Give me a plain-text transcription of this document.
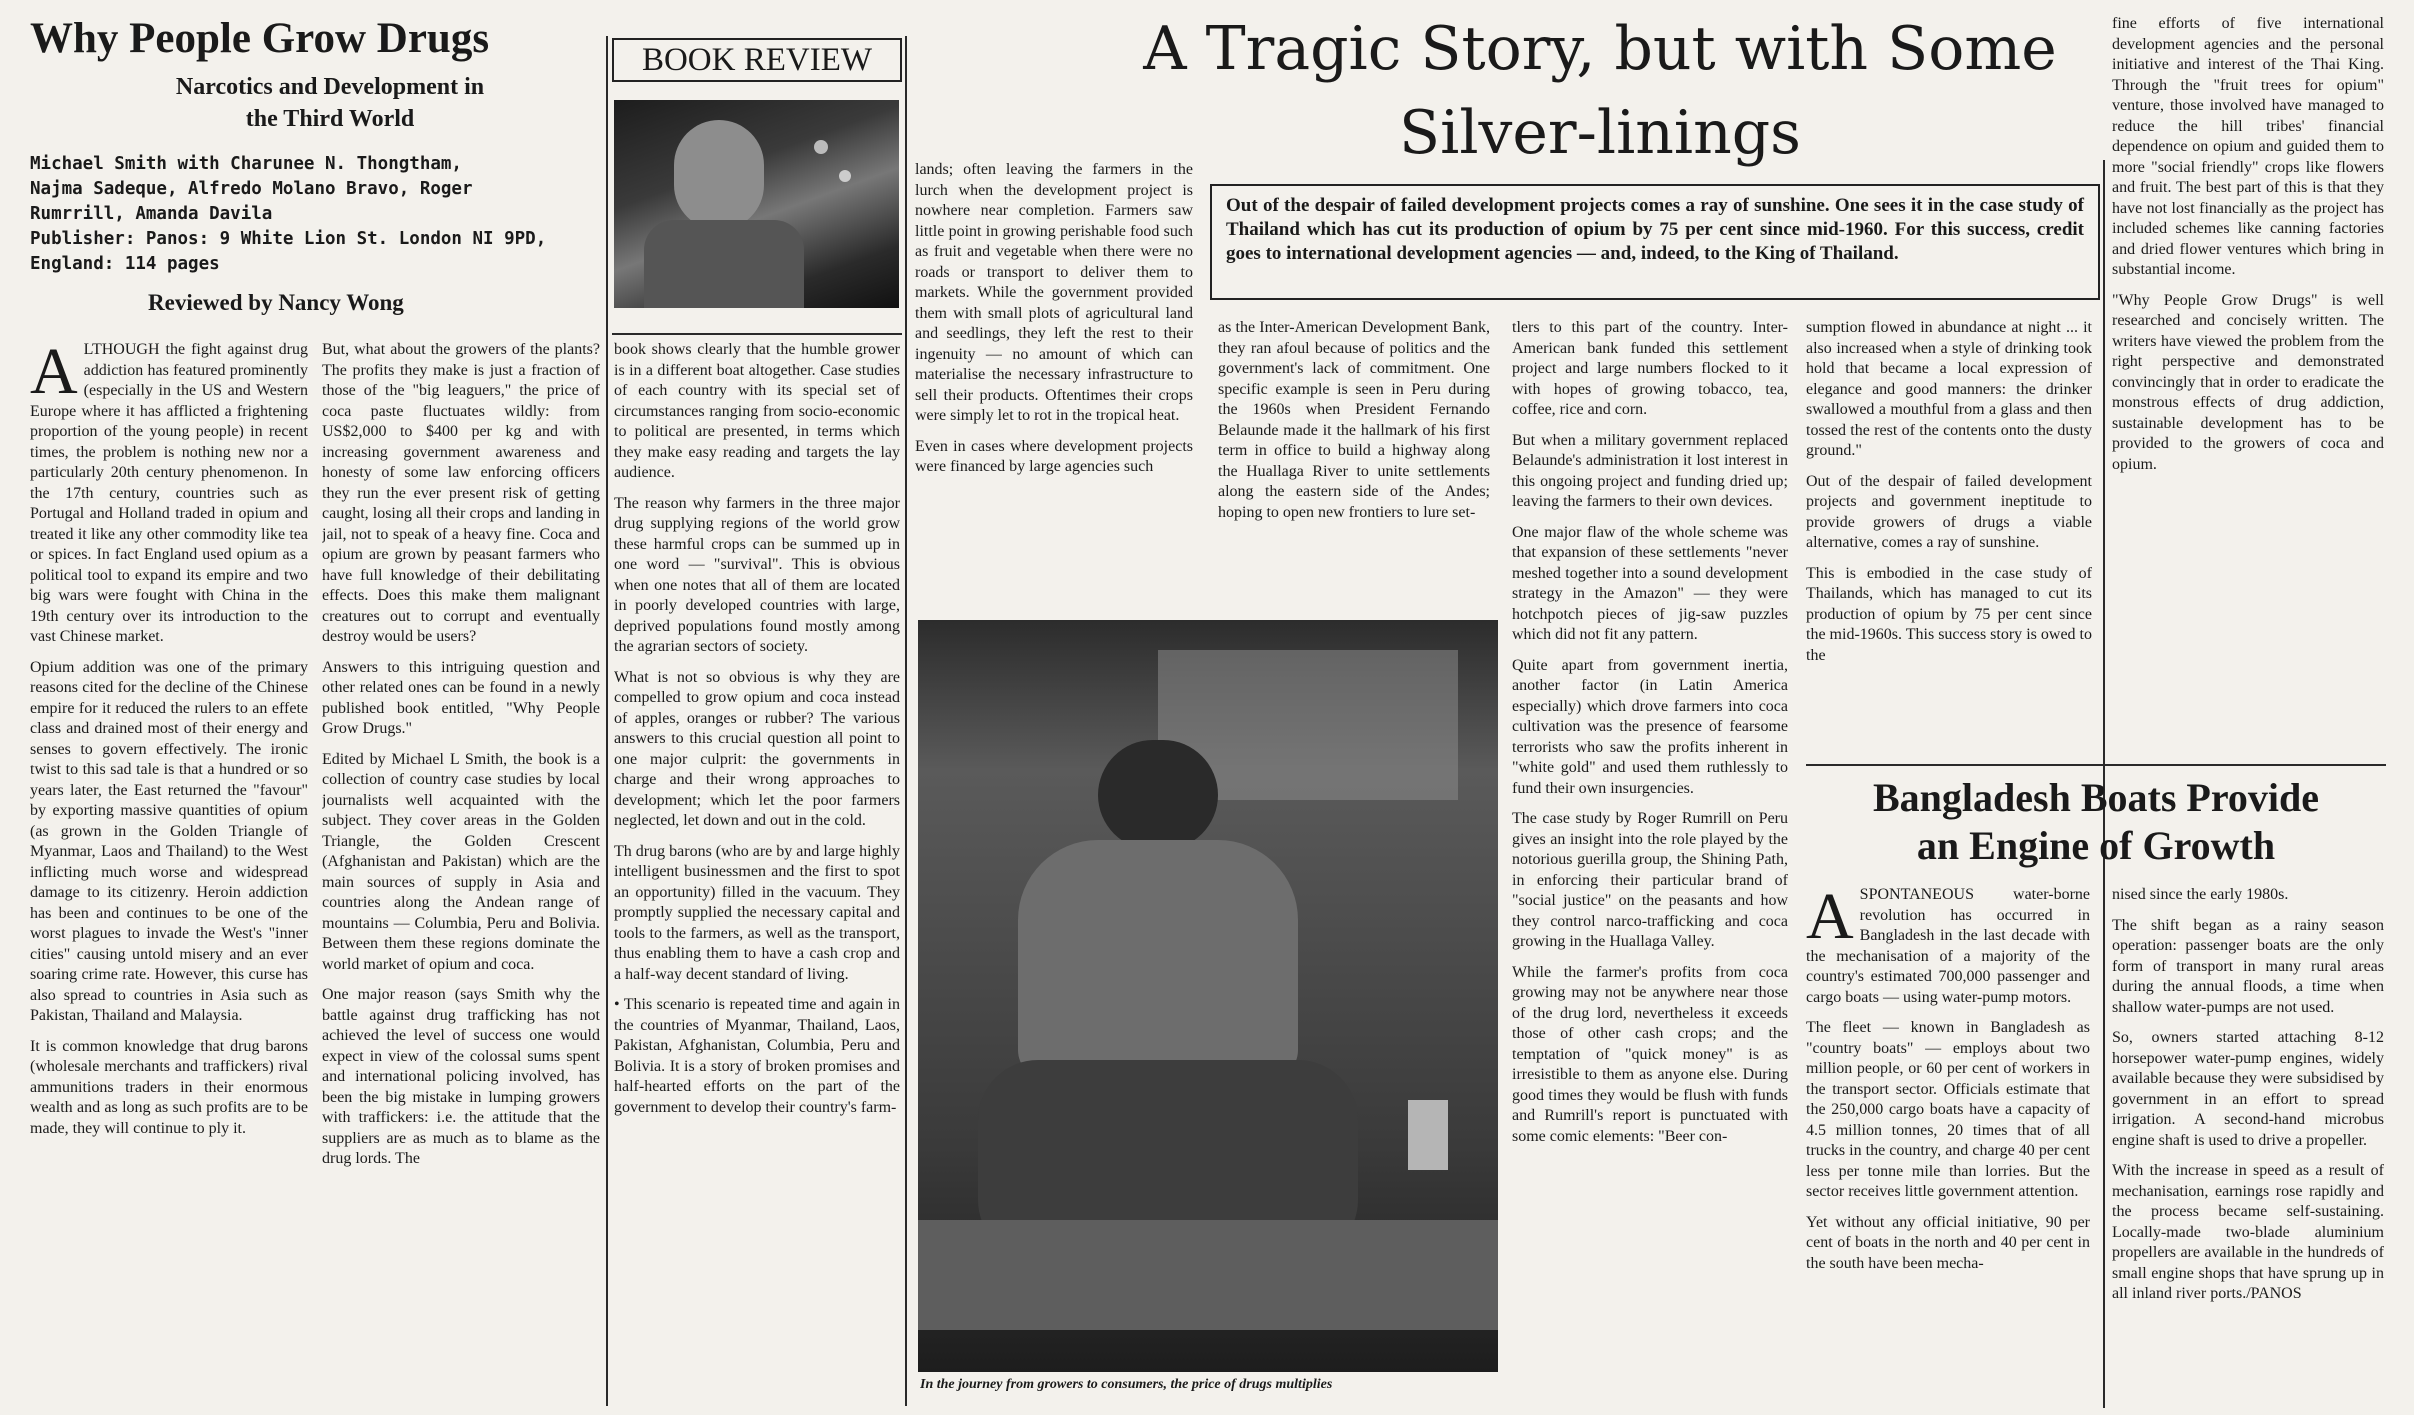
Why People Grow Drugs
Narcotics and Development in
the Third World
Michael Smith with Charunee N. Thongtham,
Najma Sadeque, Alfredo Molano Bravo, Roger
Rumrrill, Amanda Davila
Publisher: Panos: 9 White Lion St. London NI 9PD,
England: 114 pages
Reviewed by Nancy Wong
BOOK REVIEW

ALTHOUGH the fight against drug addiction has featured prominently (especially in the US and Western Europe where it has afflicted a frightening proportion of the young people) in recent times, the problem is nothing new nor a particularly 20th century phenomenon. In the 17th century, countries such as Portugal and Holland traded in opium and treated it like any other commodity like tea or spices. In fact England used opium as a political tool to expand its empire and two big wars were fought with China in the 19th century over its introduction to the vast Chinese market.

Opium addition was one of the primary reasons cited for the decline of the Chinese empire for it reduced the rulers to an effete class and drained most of their energy and senses to govern effectively. The ironic twist to this sad tale is that a hundred or so years later, the East returned the "favour" by exporting massive quantities of opium (as grown in the Golden Triangle of Myanmar, Laos and Thailand) to the West inflicting much worse and widespread damage to its citizenry. Heroin addiction has been and continues to be one of the worst plagues to invade the West's "inner cities" causing untold misery and an ever soaring crime rate. However, this curse has also spread to countries in Asia such as Pakistan, Thailand and Malaysia.

It is common knowledge that drug barons (wholesale merchants and traffickers) rival ammunitions traders in their enormous wealth and as long as such profits are to be made, they will continue to ply it.

But, what about the growers of the plants? The profits they make is just a fraction of those of the "big leaguers," the price of coca paste fluctuates wildly: from US$2,000 to $400 per kg and with increasing government awareness and honesty of some law enforcing officers they run the ever present risk of getting caught, losing all their crops and landing in jail, not to speak of a heavy fine. Coca and opium are grown by peasant farmers who have full knowledge of their debilitating effects. Does this make them malignant creatures out to corrupt and eventually destroy would be users?

Answers to this intriguing question and other related ones can be found in a newly published book entitled, "Why People Grow Drugs."

Edited by Michael L Smith, the book is a collection of country case studies by local journalists well acquainted with the subject. They cover areas in the Golden Triangle, the Golden Crescent (Afghanistan and Pakistan) which are the main sources of supply in Asia and countries along the Andean range of mountains — Columbia, Peru and Bolivia. Between them these regions dominate the world market of opium and coca.

One major reason (says Smith why the battle against drug trafficking has not achieved the level of success one would expect in view of the colossal sums spent and international policing involved, has been the big mistake in lumping growers with traffickers: i.e. the attitude that the suppliers are as much as to blame as the drug lords. The

book shows clearly that the humble grower is in a different boat altogether. Case studies of each country with its special set of circumstances ranging from socio-economic to political are presented, in terms which they make easy reading and targets the lay audience.

The reason why farmers in the three major drug supplying regions of the world grow these harmful crops can be summed up in one word — "survival". This is obvious when one notes that all of them are located in poorly developed countries with large, deprived populations found mostly among the agrarian sectors of society.

What is not so obvious is why they are compelled to grow opium and coca instead of apples, oranges or rubber? The various answers to this crucial question all point to one major culprit: the governments in charge and their wrong approaches to development; which let the poor farmers neglected, let down and out in the cold.

Th drug barons (who are by and large highly intelligent businessmen and the first to spot an opportunity) filled in the vacuum. They promptly supplied the necessary capital and tools to the farmers, as well as the transport, thus enabling them to have a cash crop and a half-way decent standard of living.

• This scenario is repeated time and again in the countries of Myanmar, Thailand, Laos, Pakistan, Afghanistan, Columbia, Peru and Bolivia. It is a story of broken promises and half-hearted efforts on the part of the government to develop their country's farm-

lands; often leaving the farmers in the lurch when the development project is nowhere near completion. Farmers saw little point in growing perishable food such as fruit and vegetable when there were no roads or transport to deliver them to markets. While the government provided them with small plots of agricultural land and seedlings, they left the rest to their ingenuity — no amount of which can materialise the necessary infrastructure to sell their products. Oftentimes their crops were simply let to rot in the tropical heat.

Even in cases where development projects were financed by large agencies such

A Tragic Story, but with Some
Silver-linings
Out of the despair of failed development projects comes a ray of sunshine. One sees it in the case study of Thailand which has cut its production of opium by 75 per cent since mid-1960. For this success, credit goes to international development agencies — and, indeed, to the King of Thailand.

as the Inter-American Development Bank, they ran afoul because of politics and the government's lack of commitment. One specific example is seen in Peru during the 1960s when President Fernando Belaunde made it the hallmark of his first term in office to build a highway along the Huallaga River to unite settlements along the eastern side of the Andes; hoping to open new frontiers to lure set-

tlers to this part of the country. Inter-American bank funded this settlement project and large numbers flocked to it with hopes of growing tobacco, tea, coffee, rice and corn.

But when a military government replaced Belaunde's administration it lost interest in this ongoing project and funding dried up; leaving the farmers to their own devices.

One major flaw of the whole scheme was that expansion of these settlements "never meshed together into a sound development strategy in the Amazon" — they were hotchpotch pieces of jig-saw puzzles which did not fit any pattern.

Quite apart from government inertia, another factor (in Latin America especially) which drove farmers into coca cultivation was the presence of fearsome terrorists who saw the profits inherent in "white gold" and used them ruthlessly to fund their own insurgencies.

The case study by Roger Rumrill on Peru gives an insight into the role played by the notorious guerilla group, the Shining Path, in enforcing their particular brand of "social justice" on the peasants and how they control narco-trafficking and coca growing in the Huallaga Valley.

While the farmer's profits from coca growing may not be anywhere near those of the drug lord, nevertheless it exceeds those of other cash crops; and the temptation of "quick money" is as irresistible to them as anyone else. During good times they would be flush with funds and Rumrill's report is punctuated with some comic elements: "Beer con-

sumption flowed in abundance at night ... it also increased when a style of drinking took hold that became a local expression of elegance and good manners: the drinker swallowed a mouthful from a glass and then tossed the rest of the contents onto the dusty ground."

Out of the despair of failed development projects and government ineptitude to provide growers of drugs a viable alternative, comes a ray of sunshine.

This is embodied in the case study of Thailands, which has managed to cut its production of opium by 75 per cent since the mid-1960s. This success story is owed to the

fine efforts of five international development agencies and the personal initiative and interest of the Thai King. Through the "fruit trees for opium" venture, those involved have managed to reduce the hill tribes' financial dependence on opium and guided them to more "social friendly" crops like flowers and fruit. The best part of this is that they have not lost financially as the project has included schemes like canning factories and dried flower ventures which bring in substantial income.

"Why People Grow Drugs" is well researched and concisely written. The writers have viewed the problem from the right perspective and demonstrated convincingly that in order to eradicate the monstrous effects of drug addiction, sustainable development has to be provided to the growers of coca and opium.

In the journey from growers to consumers, the price of drugs multiplies
Bangladesh Boats Provide
an Engine of Growth

ASPONTANEOUS water-borne revolution has occurred in Bangladesh in the last decade with the mechanisation of a majority of the country's estimated 700,000 passenger and cargo boats — using water-pump motors.

The fleet — known in Bangladesh as "country boats" — employs about two million people, or 60 per cent of workers in the transport sector. Officials estimate that the 250,000 cargo boats have a capacity of 4.5 million tonnes, 20 times that of all trucks in the country, and charge 40 per cent less per tonne mile than lorries. But the sector receives little government attention.

Yet without any official initiative, 90 per cent of boats in the north and 40 per cent in the south have been mecha-

nised since the early 1980s.

The shift began as a rainy season operation: passenger boats are the only form of transport in many rural areas during the annual floods, a time when shallow water-pumps are not used.

So, owners started attaching 8-12 horsepower water-pump engines, widely available because they were subsidised by government in an effort to spread irrigation. A second-hand microbus engine shaft is used to drive a propeller.

With the increase in speed as a result of mechanisation, earnings rose rapidly and the process became self-sustaining. Locally-made two-blade aluminium propellers are available in the hundreds of small engine shops that have sprung up in all inland river ports./PANOS
